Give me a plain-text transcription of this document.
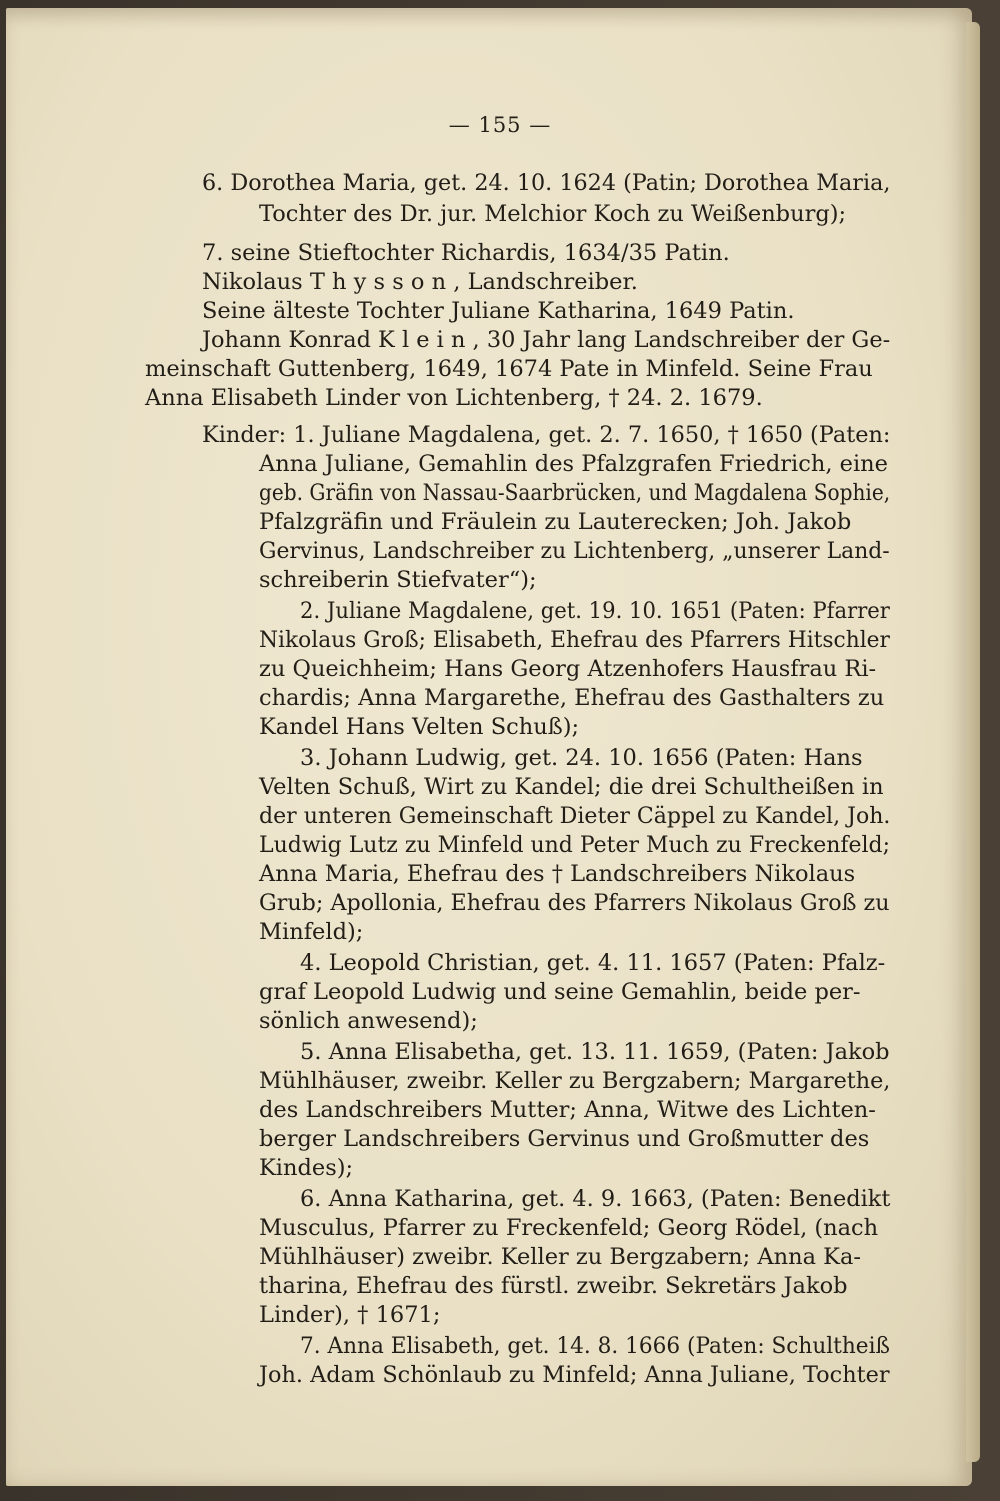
— 155 —
6. Dorothea Maria, get. 24. 10. 1624 (Patin; Dorothea Maria,
Tochter des Dr. jur. Melchior Koch zu Weißenburg);
7. seine Stieftochter Richardis, 1634/35 Patin.
Nikolaus T h y s s o n , Landschreiber.
Seine älteste Tochter Juliane Katharina, 1649 Patin.
Johann Konrad K l e i n , 30 Jahr lang Landschreiber der Ge-
meinschaft Guttenberg, 1649, 1674 Pate in Minfeld. Seine Frau
Anna Elisabeth Linder von Lichtenberg, † 24. 2. 1679.
Kinder: 1. Juliane Magdalena, get. 2. 7. 1650, † 1650 (Paten:
Anna Juliane, Gemahlin des Pfalzgrafen Friedrich, eine
geb. Gräfin von Nassau-Saarbrücken, und Magdalena Sophie,
Pfalzgräfin und Fräulein zu Lauterecken; Joh. Jakob
Gervinus, Landschreiber zu Lichtenberg, „unserer Land-
schreiberin Stiefvater“);
2. Juliane Magdalene, get. 19. 10. 1651 (Paten: Pfarrer
Nikolaus Groß; Elisabeth, Ehefrau des Pfarrers Hitschler
zu Queichheim; Hans Georg Atzenhofers Hausfrau Ri-
chardis; Anna Margarethe, Ehefrau des Gasthalters zu
Kandel Hans Velten Schuß);
3. Johann Ludwig, get. 24. 10. 1656 (Paten: Hans
Velten Schuß, Wirt zu Kandel; die drei Schultheißen in
der unteren Gemeinschaft Dieter Cäppel zu Kandel, Joh.
Ludwig Lutz zu Minfeld und Peter Much zu Freckenfeld;
Anna Maria, Ehefrau des † Landschreibers Nikolaus
Grub; Apollonia, Ehefrau des Pfarrers Nikolaus Groß zu
Minfeld);
4. Leopold Christian, get. 4. 11. 1657 (Paten: Pfalz-
graf Leopold Ludwig und seine Gemahlin, beide per-
sönlich anwesend);
5. Anna Elisabetha, get. 13. 11. 1659, (Paten: Jakob
Mühlhäuser, zweibr. Keller zu Bergzabern; Margarethe,
des Landschreibers Mutter; Anna, Witwe des Lichten-
berger Landschreibers Gervinus und Großmutter des
Kindes);
6. Anna Katharina, get. 4. 9. 1663, (Paten: Benedikt
Musculus, Pfarrer zu Freckenfeld; Georg Rödel, (nach
Mühlhäuser) zweibr. Keller zu Bergzabern; Anna Ka-
tharina, Ehefrau des fürstl. zweibr. Sekretärs Jakob
Linder), † 1671;
7. Anna Elisabeth, get. 14. 8. 1666 (Paten: Schultheiß
Joh. Adam Schönlaub zu Minfeld; Anna Juliane, Tochter
